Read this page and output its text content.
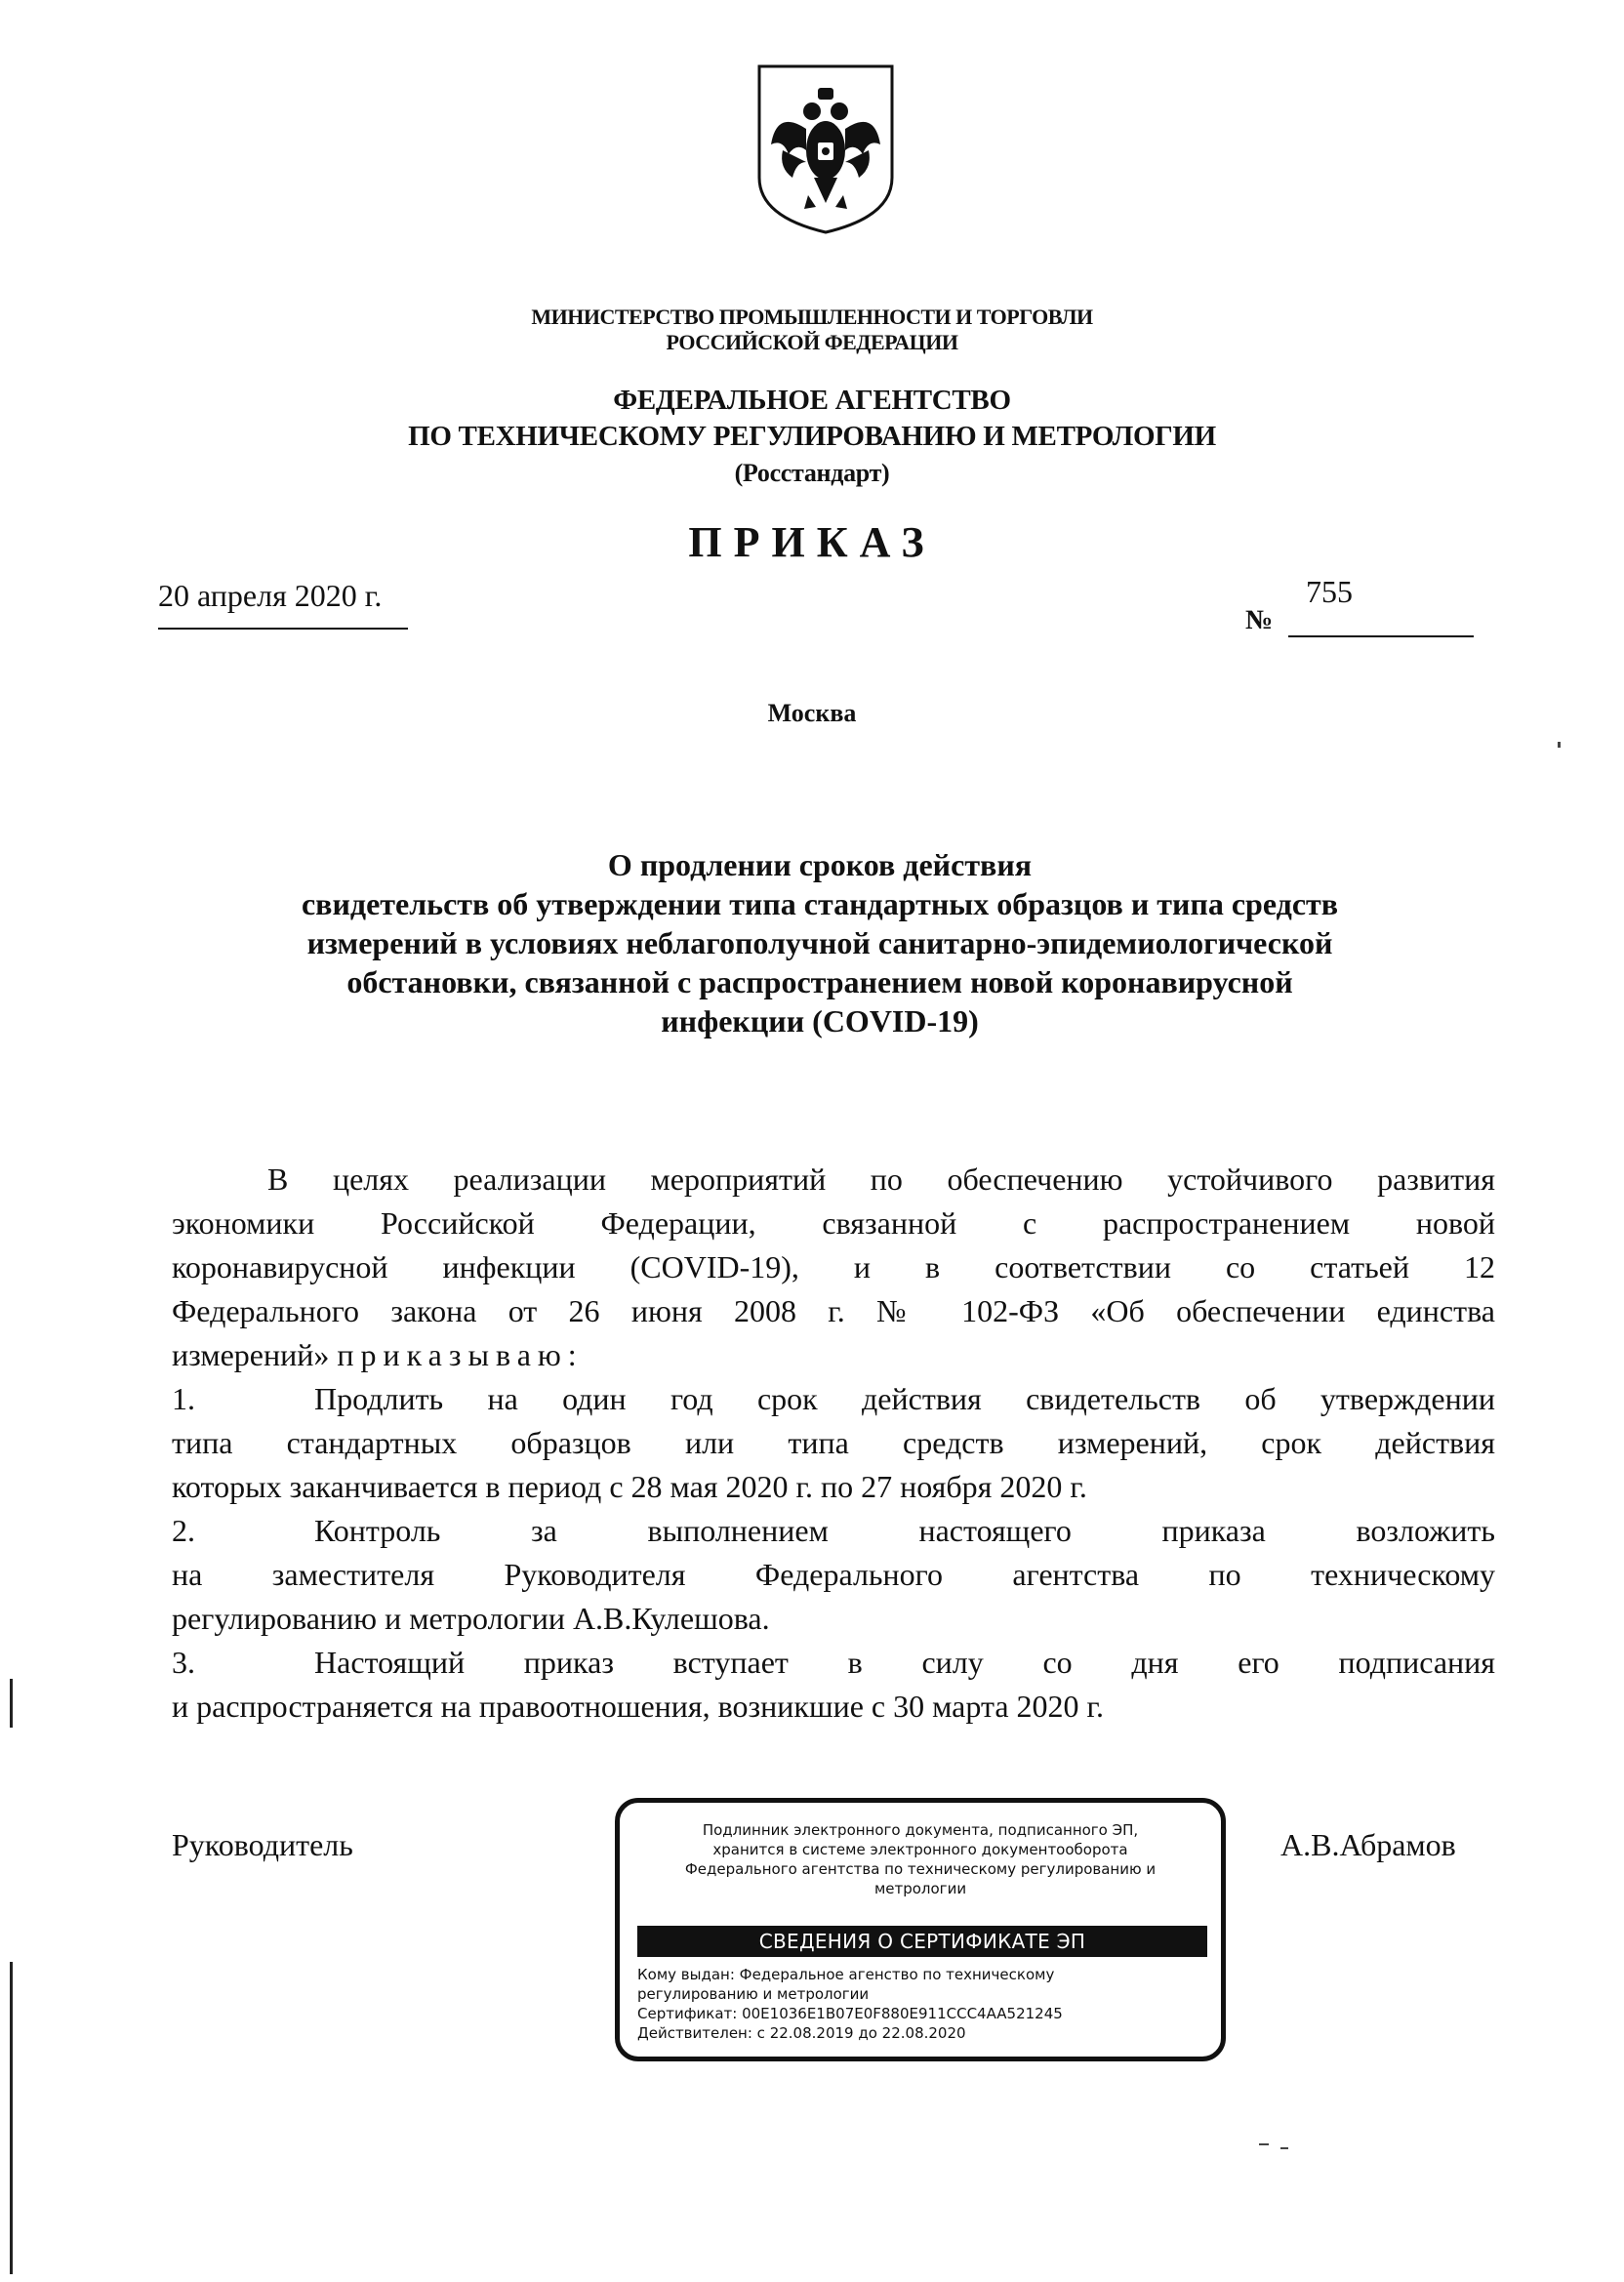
МИНИСТЕРСТВО ПРОМЫШЛЕННОСТИ И ТОРГОВЛИ
РОССИЙСКОЙ ФЕДЕРАЦИИ
ФЕДЕРАЛЬНОЕ АГЕНТСТВО
ПО ТЕХНИЧЕСКОМУ РЕГУЛИРОВАНИЮ И МЕТРОЛОГИИ
(Росстандарт)
ПРИКАЗ
20 апреля 2020 г.
№
755
Москва
О продлении сроков действия
свидетельств об утверждении типа стандартных образцов и типа средств
измерений в условиях неблагополучной санитарно-эпидемиологической
обстановки, связанной с распространением новой коронавирусной
инфекции (COVID-19)

В целях реализации мероприятий по обеспечению устойчивого развития

экономики Российской Федерации, связанной с распространением новой

коронавирусной инфекции (COVID-19), и в соответствии со статьей 12

Федерального закона от 26 июня 2008 г. № 102-ФЗ «Об обеспечении единства

измерений» приказываю:

1.	Продлить на один год срок действия свидетельств об утверждении

типа стандартных образцов или типа средств измерений, срок действия

которых заканчивается в период с 28 мая 2020 г. по 27 ноября 2020 г.

2.	Контроль за выполнением настоящего приказа возложить

на заместителя Руководителя Федерального агентства по техническому

регулированию и метрологии А.В.Кулешова.

3.	Настоящий приказ вступает в силу со дня его подписания

и распространяется на правоотношения, возникшие с 30 марта 2020 г.

Руководитель	А.В.Абрамов
Подлинник электронного документа, подписанного ЭП,
хранится в системе электронного документооборота
Федерального агентства по техническому регулированию и
метрологии
СВЕДЕНИЯ О СЕРТИФИКАТЕ ЭП
Кому выдан: Федеральное агенство по техническому
регулированию и метрологии
Сертификат: 00E1036E1B07E0F880E911CCC4AA521245
Действителен: с 22.08.2019 до 22.08.2020
